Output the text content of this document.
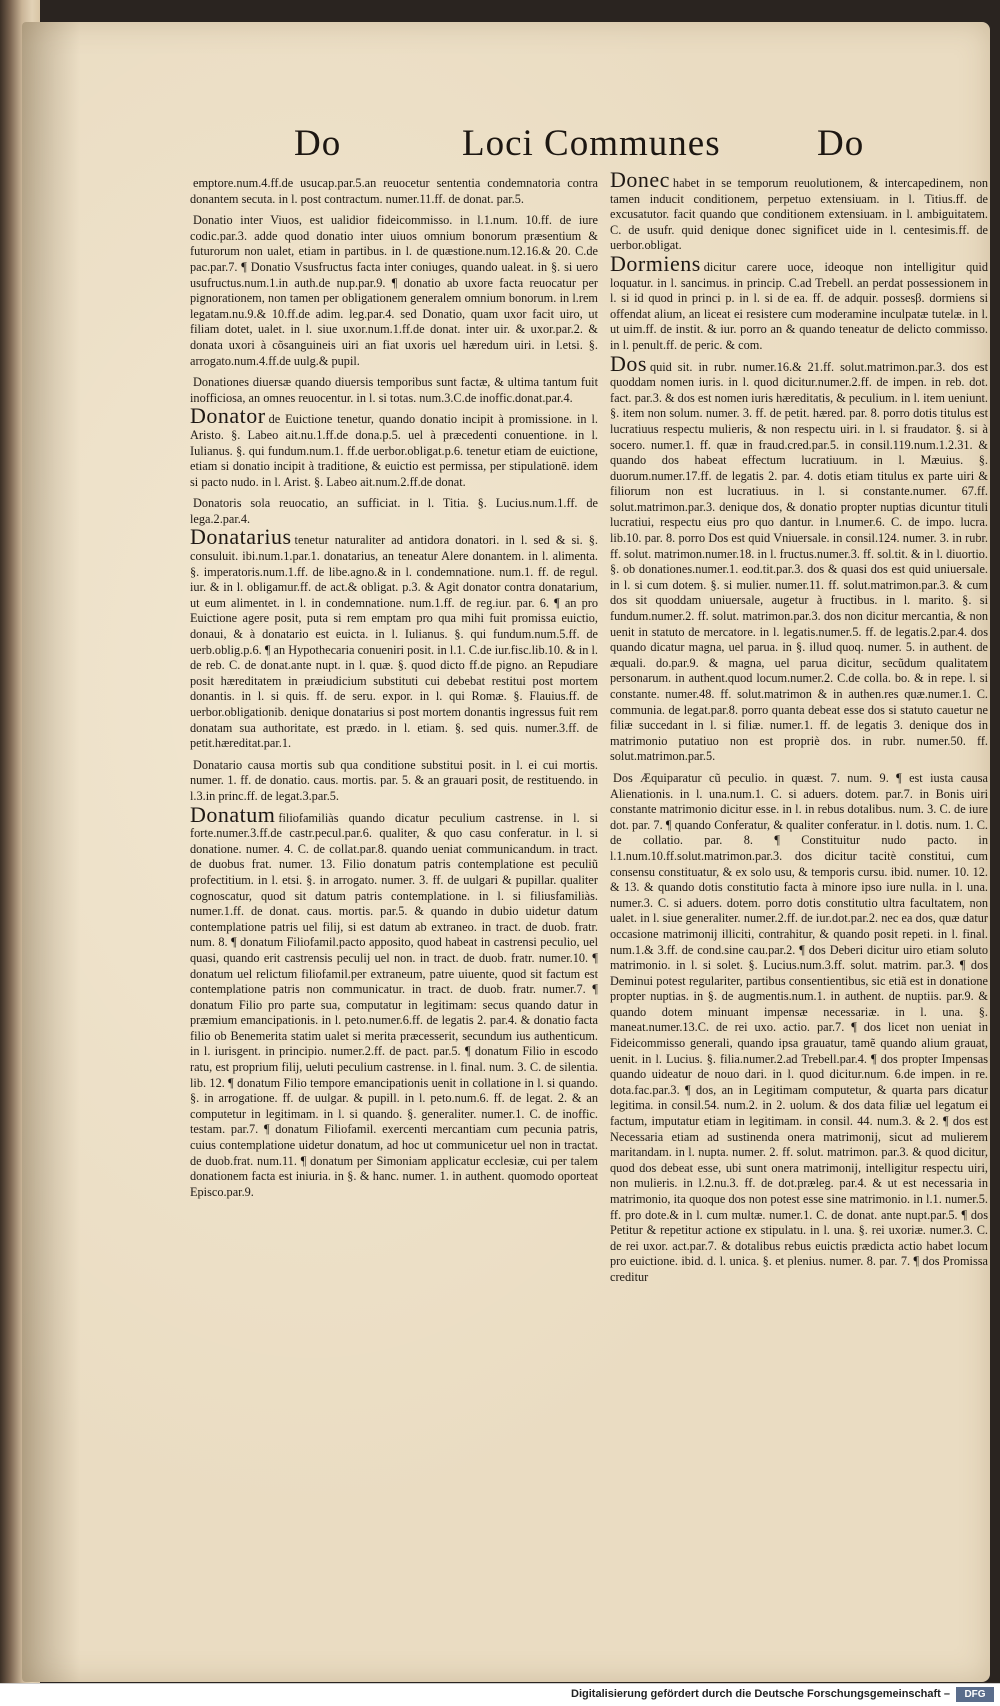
Do	Loci Communes	Do

emptore.num.4.ff.de usucap.par.5.an reuocetur sententia condemnatoria contra donantem secuta. in l. post contractum. numer.11.ff. de donat. par.5.

Donatio inter Viuos, est ualidior fideicommisso. in l.1.num. 10.ff. de iure codic.par.3. adde quod donatio inter uiuos omnium bonorum præsentium & futurorum non ualet, etiam in partibus. in l. de quæstione.num.12.16.& 20. C.de pac.par.7. ¶ Donatio Vsusfructus facta inter coniuges, quando ualeat. in §. si uero usufructus.num.1.in auth.de nup.par.9. ¶ donatio ab uxore facta reuocatur per pignorationem, non tamen per obligationem generalem omnium bonorum. in l.rem legatam.nu.9.& 10.ff.de adim. leg.par.4. sed Donatio, quam uxor facit uiro, ut filiam dotet, ualet. in l. siue uxor.num.1.ff.de donat. inter uir. & uxor.par.2. & donata uxori à cõsanguineis uiri an fiat uxoris uel hæredum uiri. in l.etsi. §. arrogato.num.4.ff.de uulg.& pupil.

Donationes diuersæ quando diuersis temporibus sunt factæ, & ultima tantum fuit inofficiosa, an omnes reuocentur. in l. si totas. num.3.C.de inoffic.donat.par.4.

Donator de Euictione tenetur, quando donatio incipit à promissione. in l. Aristo. §. Labeo ait.nu.1.ff.de dona.p.5. uel à præcedenti conuentione. in l. Iulianus. §. qui fundum.num.1. ff.de uerbor.obligat.p.6. tenetur etiam de euictione, etiam si donatio incipit à traditione, & euictio est permissa, per stipulationē. idem si pacto nudo. in l. Arist. §. Labeo ait.num.2.ff.de donat.

Donatoris sola reuocatio, an sufficiat. in l. Titia. §. Lucius.num.1.ff. de lega.2.par.4.

Donatarius tenetur naturaliter ad antidora donatori. in l. sed & si. §. consuluit. ibi.num.1.par.1. donatarius, an teneatur Alere donantem. in l. alimenta. §. imperatoris.num.1.ff. de libe.agno.& in l. condemnatione. num.1. ff. de regul. iur. & in l. obligamur.ff. de act.& obligat. p.3. & Agit donator contra donatarium, ut eum alimentet. in l. in condemnatione. num.1.ff. de reg.iur. par. 6. ¶ an pro Euictione agere posit, puta si rem emptam pro qua mihi fuit promissa euictio, donaui, & à donatario est euicta. in l. Iulianus. §. qui fundum.num.5.ff. de uerb.oblig.p.6. ¶ an Hypothecaria conueniri posit. in l.1. C.de iur.fisc.lib.10. & in l. de reb. C. de donat.ante nupt. in l. quæ. §. quod dicto ff.de pigno. an Repudiare posit hæreditatem in præiudicium substituti cui debebat restitui post mortem donantis. in l. si quis. ff. de seru. expor. in l. qui Romæ. §. Flauius.ff. de uerbor.obligationib. denique donatarius si post mortem donantis ingressus fuit rem donatam sua authoritate, est prædo. in l. etiam. §. sed quis. numer.3.ff. de petit.hæreditat.par.1.

Donatario causa mortis sub qua conditione substitui posit. in l. ei cui mortis. numer. 1. ff. de donatio. caus. mortis. par. 5. & an grauari posit, de restituendo. in l.3.in princ.ff. de legat.3.par.5.

Donatum filiofamiliàs quando dicatur peculium castrense. in l. si forte.numer.3.ff.de castr.pecul.par.6. qualiter, & quo casu conferatur. in l. si donatione. numer. 4. C. de collat.par.8. quando ueniat communicandum. in tract. de duobus frat. numer. 13. Filio donatum patris contemplatione est peculiũ profectitium. in l. etsi. §. in arrogato. numer. 3. ff. de uulgari & pupillar. qualiter cognoscatur, quod sit datum patris contemplatione. in l. si filiusfamiliàs. numer.1.ff. de donat. caus. mortis. par.5. & quando in dubio uidetur datum contemplatione patris uel filij, si est datum ab extraneo. in tract. de duob. fratr. num. 8. ¶ donatum Filiofamil.pacto apposito, quod habeat in castrensi peculio, uel quasi, quando erit castrensis peculij uel non. in tract. de duob. fratr. numer.10. ¶ donatum uel relictum filiofamil.per extraneum, patre uiuente, quod sit factum est contemplatione patris non communicatur. in tract. de duob. fratr. numer.7. ¶ donatum Filio pro parte sua, computatur in legitimam: secus quando datur in præmium emancipationis. in l. peto.numer.6.ff. de legatis 2. par.4. & donatio facta filio ob Benemerita statim ualet si merita præcesserit, secundum ius authenticum. in l. iurisgent. in principio. numer.2.ff. de pact. par.5. ¶ donatum Filio in escodo ratu, est proprium filij, ueluti peculium castrense. in l. final. num. 3. C. de silentia. lib. 12. ¶ donatum Filio tempore emancipationis uenit in collatione in l. si quando. §. in arrogatione. ff. de uulgar. & pupill. in l. peto.num.6. ff. de legat. 2. & an computetur in legitimam. in l. si quando. §. generaliter. numer.1. C. de inoffic. testam. par.7. ¶ donatum Filiofamil. exercenti mercantiam cum pecunia patris, cuius contemplatione uidetur donatum, ad hoc ut communicetur uel non in tractat. de duob.frat. num.11. ¶ donatum per Simoniam applicatur ecclesiæ, cui per talem donationem facta est iniuria. in §. & hanc. numer. 1. in authent. quomodo oporteat Episco.par.9.

Donec habet in se temporum reuolutionem, & intercapedinem, non tamen inducit conditionem, perpetuo extensiuam. in l. Titius.ff. de excusatutor. facit quando que conditionem extensiuam. in l. ambiguitatem. C. de usufr. quid denique donec significet uide in l. centesimis.ff. de uerbor.obligat.

Dormiens dicitur carere uoce, ideoque non intelligitur quid loquatur. in l. sancimus. in princip. C.ad Trebell. an perdat possessionem in l. si id quod in princi p. in l. si de ea. ff. de adquir. possesβ. dormiens si offendat alium, an liceat ei resistere cum moderamine inculpatæ tutelæ. in l. ut uim.ff. de instit. & iur. porro an & quando teneatur de delicto commisso. in l. penult.ff. de peric. & com.

Dos quid sit. in rubr. numer.16.& 21.ff. solut.matrimon.par.3. dos est quoddam nomen iuris. in l. quod dicitur.numer.2.ff. de impen. in reb. dot. fact. par.3. & dos est nomen iuris hæreditatis, & peculium. in l. item ueniunt. §. item non solum. numer. 3. ff. de petit. hæred. par. 8. porro dotis titulus est lucratiuus respectu mulieris, & non respectu uiri. in l. si fraudator. §. si à socero. numer.1. ff. quæ in fraud.cred.par.5. in consil.119.num.1.2.31. & quando dos habeat effectum lucratiuum. in l. Mæuius. §. duorum.numer.17.ff. de legatis 2. par. 4. dotis etiam titulus ex parte uiri & filiorum non est lucratiuus. in l. si constante.numer. 67.ff. solut.matrimon.par.3. denique dos, & donatio propter nuptias dicuntur tituli lucratiui, respectu eius pro quo dantur. in l.numer.6. C. de impo. lucra. lib.10. par. 8. porro Dos est quid Vniuersale. in consil.124. numer. 3. in rubr. ff. solut. matrimon.numer.18. in l. fructus.numer.3. ff. sol.tit. & in l. diuortio. §. ob donationes.numer.1. eod.tit.par.3. dos & quasi dos est quid uniuersale. in l. si cum dotem. §. si mulier. numer.11. ff. solut.matrimon.par.3. & cum dos sit quoddam uniuersale, augetur à fructibus. in l. marito. §. si fundum.numer.2. ff. solut. matrimon.par.3. dos non dicitur mercantia, & non uenit in statuto de mercatore. in l. legatis.numer.5. ff. de legatis.2.par.4. dos quando dicatur magna, uel parua. in §. illud quoq. numer. 5. in authent. de æquali. do.par.9. & magna, uel parua dicitur, secũdum qualitatem personarum. in authent.quod locum.numer.2. C.de colla. bo. & in repe. l. si constante. numer.48. ff. solut.matrimon & in authen.res quæ.numer.1. C. communia. de legat.par.8. porro quanta debeat esse dos si statuto cauetur ne filiæ succedant in l. si filiæ. numer.1. ff. de legatis 3. denique dos in matrimonio putatiuo non est propriè dos. in rubr. numer.50. ff. solut.matrimon.par.5.

Dos Æquiparatur cũ peculio. in quæst. 7. num. 9. ¶ est iusta causa Alienationis. in l. una.num.1. C. si aduers. dotem. par.7. in Bonis uiri constante matrimonio dicitur esse. in l. in rebus dotalibus. num. 3. C. de iure dot. par. 7. ¶ quando Conferatur, & qualiter conferatur. in l. dotis. num. 1. C. de collatio. par. 8. ¶ Constituitur nudo pacto. in l.1.num.10.ff.solut.matrimon.par.3. dos dicitur tacitè constitui, cum consensu constituatur, & ex solo usu, & temporis cursu. ibid. numer. 10. 12. & 13. & quando dotis constitutio facta à minore ipso iure nulla. in l. una. numer.3. C. si aduers. dotem. porro dotis constitutio ultra facultatem, non ualet. in l. siue generaliter. numer.2.ff. de iur.dot.par.2. nec ea dos, quæ datur occasione matrimonij illiciti, contrahitur, & quando posit repeti. in l. final. num.1.& 3.ff. de cond.sine cau.par.2. ¶ dos Deberi dicitur uiro etiam soluto matrimonio. in l. si solet. §. Lucius.num.3.ff. solut. matrim. par.3. ¶ dos Deminui potest regulariter, partibus consentientibus, sic etiã est in donatione propter nuptias. in §. de augmentis.num.1. in authent. de nuptiis. par.9. & quando dotem minuant impensæ necessariæ. in l. una. §. maneat.numer.13.C. de rei uxo. actio. par.7. ¶ dos licet non ueniat in Fideicommisso generali, quando ipsa grauatur, tamẽ quando alium grauat, uenit. in l. Lucius. §. filia.numer.2.ad Trebell.par.4. ¶ dos propter Impensas quando uideatur de nouo dari. in l. quod dicitur.num. 6.de impen. in re. dota.fac.par.3. ¶ dos, an in Legitimam computetur, & quarta pars dicatur legitima. in consil.54. num.2. in 2. uolum. & dos data filiæ uel legatum ei factum, imputatur etiam in legitimam. in consil. 44. num.3. & 2. ¶ dos est Necessaria etiam ad sustinenda onera matrimonij, sicut ad mulierem maritandam. in l. nupta. numer. 2. ff. solut. matrimon. par.3. & quod dicitur, quod dos debeat esse, ubi sunt onera matrimonij, intelligitur respectu uiri, non mulieris. in l.2.nu.3. ff. de dot.præleg. par.4. & ut est necessaria in matrimonio, ita quoque dos non potest esse sine matrimonio. in l.1. numer.5. ff. pro dote.& in l. cum multæ. numer.1. C. de donat. ante nupt.par.5. ¶ dos Petitur & repetitur actione ex stipulatu. in l. una. §. rei uxoriæ. numer.3. C. de rei uxor. act.par.7. & dotalibus rebus euictis prædicta actio habet locum pro euictione. ibid. d. l. unica. §. et plenius. numer. 8. par. 7. ¶ dos Promissa creditur

Digitalisierung gefördert durch die Deutsche Forschungsgemeinschaft –	DFG
